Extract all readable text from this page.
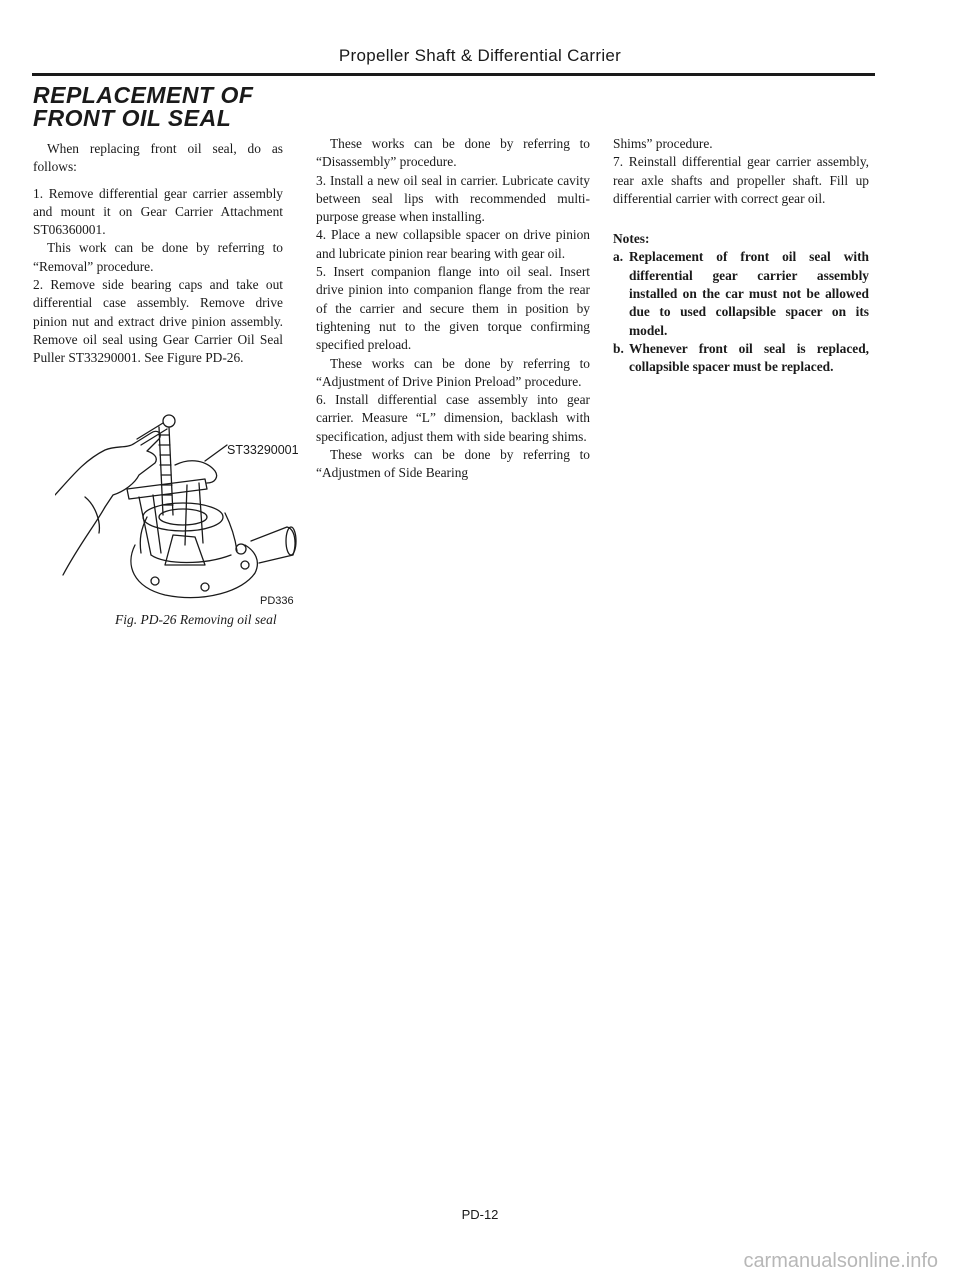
Propeller Shaft & Differential Carrier
REPLACEMENT OF
FRONT OIL SEAL

When replacing front oil seal, do as follows:

1. Remove differential gear carrier assembly and mount it on Gear Carrier Attachment ST06360001.

This work can be done by referring to “Removal” procedure.

2. Remove side bearing caps and take out differential case assembly. Remove drive pinion nut and extract drive pinion assembly. Remove oil seal using Gear Carrier Oil Seal Puller ST33290001. See Figure PD-26.

ST33290001
PD336
Fig. PD-26 Removing oil seal

These works can be done by referring to “Disassembly” procedure.

3. Install a new oil seal in carrier. Lubricate cavity between seal lips with recommended multi-purpose grease when installing.

4. Place a new collapsible spacer on drive pinion and lubricate pinion rear bearing with gear oil.

5. Insert companion flange into oil seal. Insert drive pinion into companion flange from the rear of the carrier and secure them in position by tightening nut to the given torque confirming specified preload.

These works can be done by referring to “Adjustment of Drive Pinion Preload” procedure.

6. Install differential case assembly into gear carrier. Measure “L” dimension, backlash with specification, adjust them with side bearing shims.

These works can be done by referring to “Adjustmen of Side Bearing

Shims” procedure.

7. Reinstall differential gear carrier assembly, rear axle shafts and propeller shaft. Fill up differential carrier with correct gear oil.

Notes:

a. Replacement of front oil seal with differential gear carrier assembly installed on the car must not be allowed due to used collapsible spacer on its model.
b. Whenever front oil seal is replaced, collapsible spacer must be replaced.
PD-12
carmanualsonline.info
